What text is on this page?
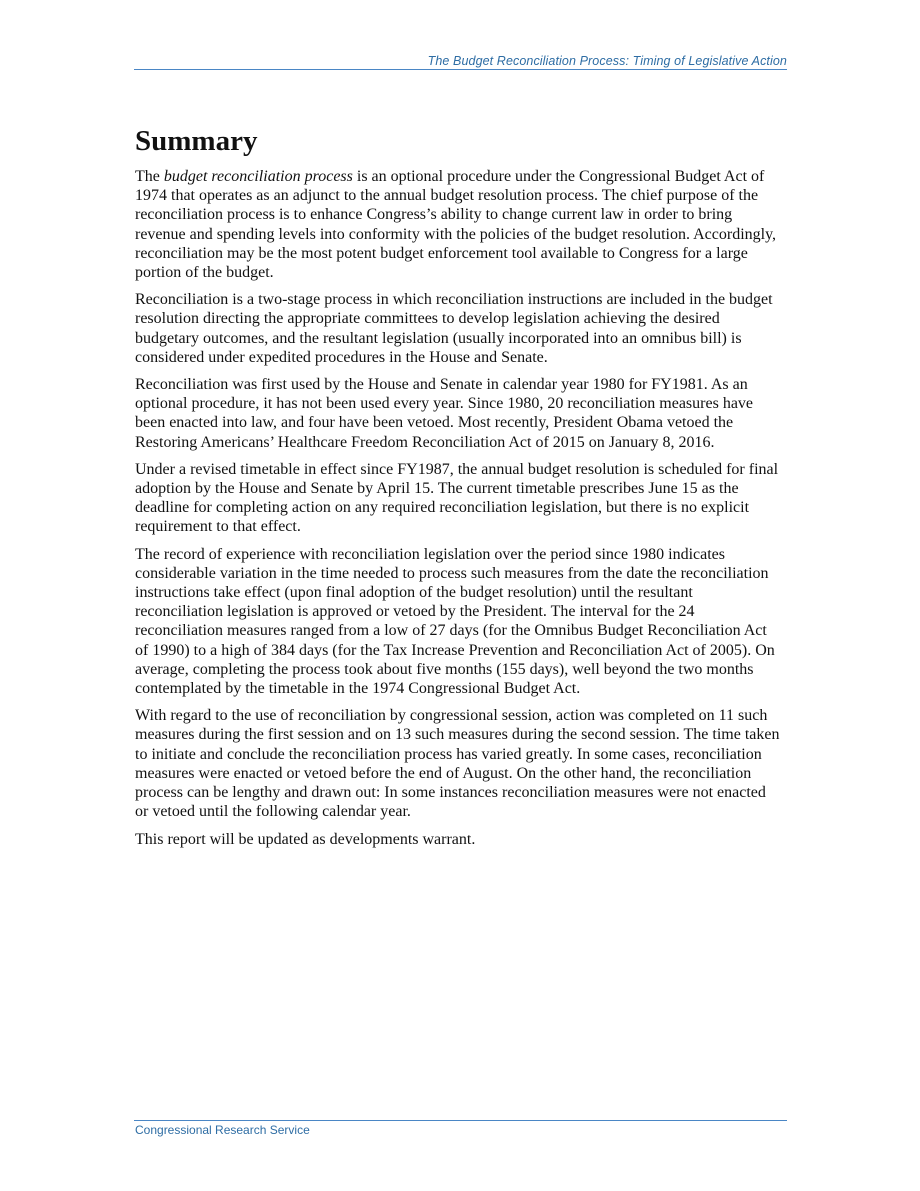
The Budget Reconciliation Process: Timing of Legislative Action
Summary

The budget reconciliation process is an optional procedure under the Congressional Budget Act of 1974 that operates as an adjunct to the annual budget resolution process. The chief purpose of the reconciliation process is to enhance Congress’s ability to change current law in order to bring revenue and spending levels into conformity with the policies of the budget resolution. Accordingly, reconciliation may be the most potent budget enforcement tool available to Congress for a large portion of the budget.

Reconciliation is a two-stage process in which reconciliation instructions are included in the budget resolution directing the appropriate committees to develop legislation achieving the desired budgetary outcomes, and the resultant legislation (usually incorporated into an omnibus bill) is considered under expedited procedures in the House and Senate.

Reconciliation was first used by the House and Senate in calendar year 1980 for FY1981. As an optional procedure, it has not been used every year. Since 1980, 20 reconciliation measures have been enacted into law, and four have been vetoed. Most recently, President Obama vetoed the Restoring Americans’ Healthcare Freedom Reconciliation Act of 2015 on January 8, 2016.

Under a revised timetable in effect since FY1987, the annual budget resolution is scheduled for final adoption by the House and Senate by April 15. The current timetable prescribes June 15 as the deadline for completing action on any required reconciliation legislation, but there is no explicit requirement to that effect.

The record of experience with reconciliation legislation over the period since 1980 indicates considerable variation in the time needed to process such measures from the date the reconciliation instructions take effect (upon final adoption of the budget resolution) until the resultant reconciliation legislation is approved or vetoed by the President. The interval for the 24 reconciliation measures ranged from a low of 27 days (for the Omnibus Budget Reconciliation Act of 1990) to a high of 384 days (for the Tax Increase Prevention and Reconciliation Act of 2005). On average, completing the process took about five months (155 days), well beyond the two months contemplated by the timetable in the 1974 Congressional Budget Act.

With regard to the use of reconciliation by congressional session, action was completed on 11 such measures during the first session and on 13 such measures during the second session. The time taken to initiate and conclude the reconciliation process has varied greatly. In some cases, reconciliation measures were enacted or vetoed before the end of August. On the other hand, the reconciliation process can be lengthy and drawn out: In some instances reconciliation measures were not enacted or vetoed until the following calendar year.

This report will be updated as developments warrant.

Congressional Research Service
